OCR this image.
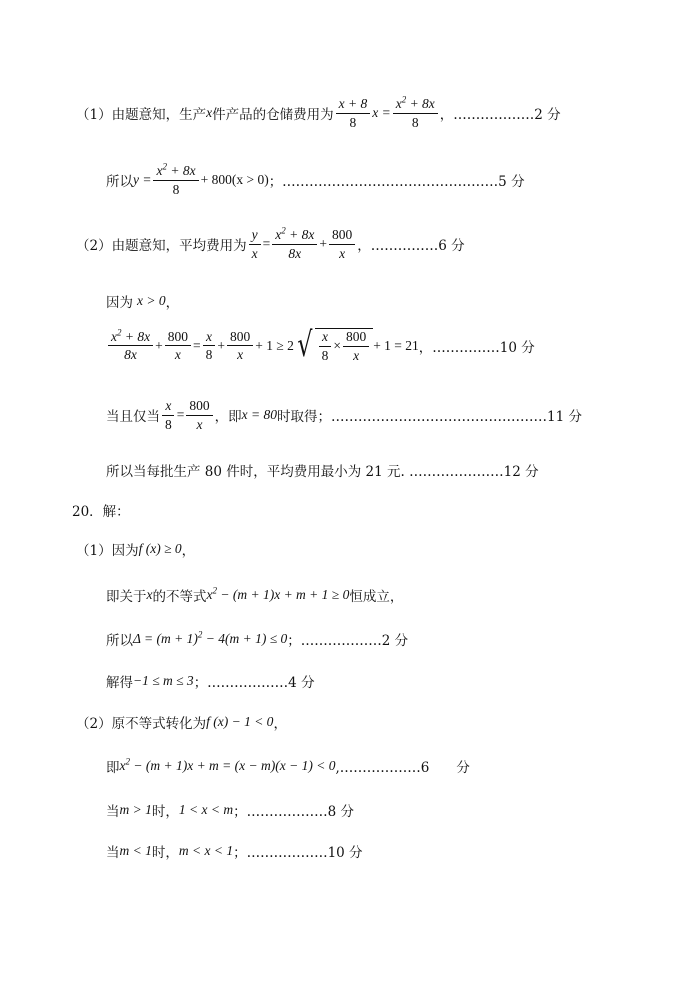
（1） 由题意知，生产 x 件产品的仓储费用为 $\frac{x + 8}{8}$ $x = \frac{x^2 + 8x}{8}$ ，………………2 分
所以 $y = \frac{x^2 + 8x}{8} + 800(x > 0)$ ；…………………………………………5 分
（2） 由题意知，平均费用为 $\frac{y}{x} = \frac{x^2 + 8x}{8x} + \frac{800}{x}$ ，……………6 分
因为 x > 0 ，
$\frac{x^2 + 8x}{8x} + \frac{800}{x} = \frac{x}{8} + \frac{800}{x} + 1 \ge 2$ √ $\frac{x}{8} \times \frac{800}{x} + 1 = 21$ ，……………10 分
当且仅当 $\frac{x}{8} = \frac{800}{x}$ ，即 x = 80 时取得；…………………………………………11 分
所以当每批生产 80 件时，平均费用最小为 21 元. …………………12 分
20．解：
（1） 因为 f (x) ≥ 0 ，
即关于 x 的不等式 $x^2 - (m + 1)x + m + 1 \ge 0$ 恒成立，
所以 $\Delta = (m + 1)^2 - 4(m + 1) \le 0$ ；………………2 分
解得 −1 ≤ m ≤ 3 ；………………4 分
（2） 原不等式转化为 f (x) − 1 < 0 ，
即 $x^2 - (m + 1)x + m = (x - m)(x - 1) < 0$ ,………………6　　分
当 m > 1 时， 1 < x < m ；………………8 分
当 m < 1 时， m < x < 1 ；………………10 分
